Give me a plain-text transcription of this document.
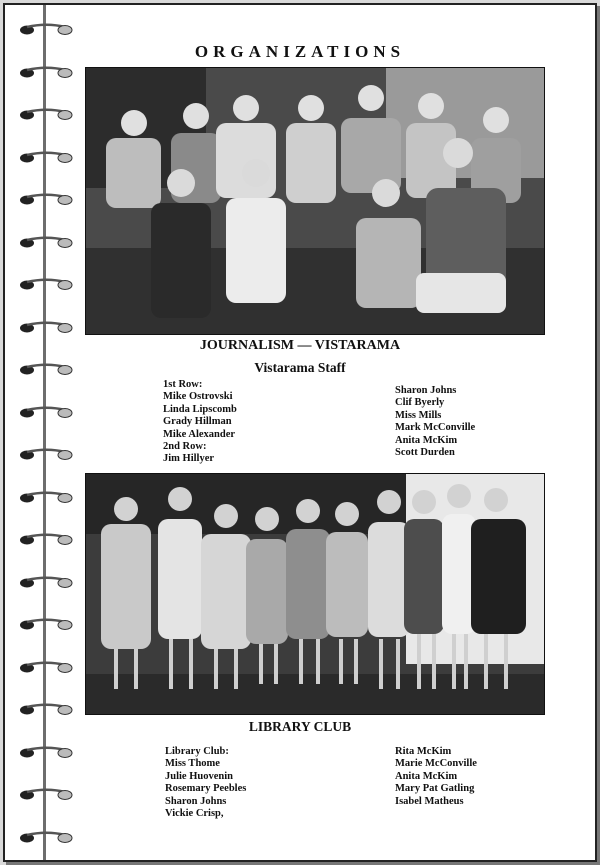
ORGANIZATIONS
JOURNALISM — VISTARAMA
Vistarama Staff
1st Row:
Mike Ostrovski
Linda Lipscomb
Grady Hillman
Mike Alexander
2nd Row:
Jim Hillyer
Sharon Johns
Clif Byerly
Miss Mills
Mark McConville
Anita McKim
Scott Durden
LIBRARY CLUB
Library Club:
Miss Thome
Julie Huovenin
Rosemary Peebles
Sharon Johns
Vickie Crisp,
Rita McKim
Marie McConville
Anita McKim
Mary Pat Gatling
Isabel Matheus
